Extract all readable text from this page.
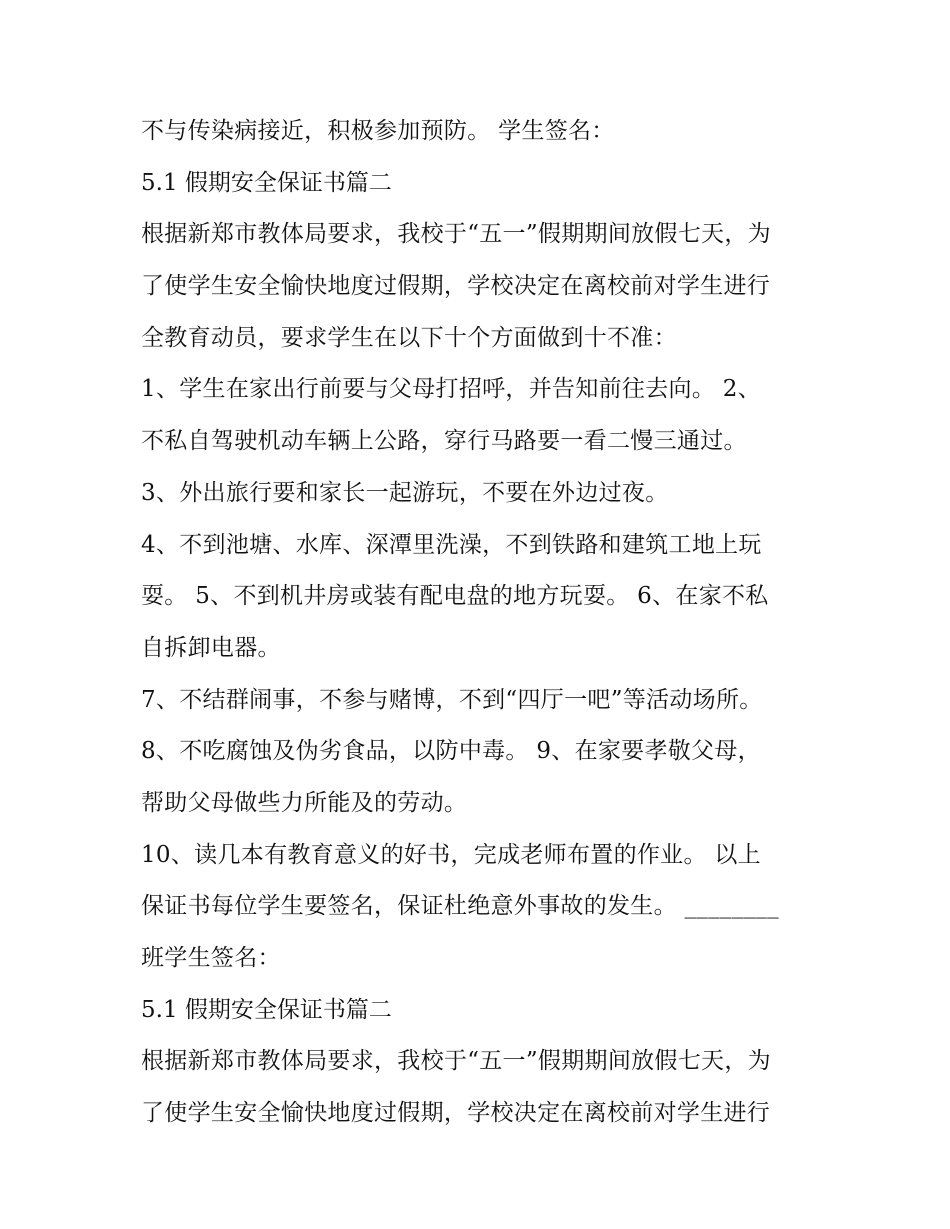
不与传染病接近，积极参加预防。 学生签名：
5.1 假期安全保证书篇二
根据新郑市教体局要求，我校于“五一”假期期间放假七天，为
了使学生安全愉快地度过假期，学校决定在离校前对学生进行
全教育动员，要求学生在以下十个方面做到十不准：
1、学生在家出行前要与父母打招呼，并告知前往去向。 2、
不私自驾驶机动车辆上公路，穿行马路要一看二慢三通过。
3、外出旅行要和家长一起游玩，不要在外边过夜。
4、不到池塘、水库、深潭里洗澡，不到铁路和建筑工地上玩
耍。 5、不到机井房或装有配电盘的地方玩耍。 6、在家不私
自拆卸电器。
7、不结群闹事，不参与赌博，不到“四厅一吧”等活动场所。
8、不吃腐蚀及伪劣食品，以防中毒。 9、在家要孝敬父母，
帮助父母做些力所能及的劳动。
10、读几本有教育意义的好书，完成老师布置的作业。 以上
保证书每位学生要签名，保证杜绝意外事故的发生。 ________
班学生签名：
5.1 假期安全保证书篇二
根据新郑市教体局要求，我校于“五一”假期期间放假七天，为
了使学生安全愉快地度过假期，学校决定在离校前对学生进行
